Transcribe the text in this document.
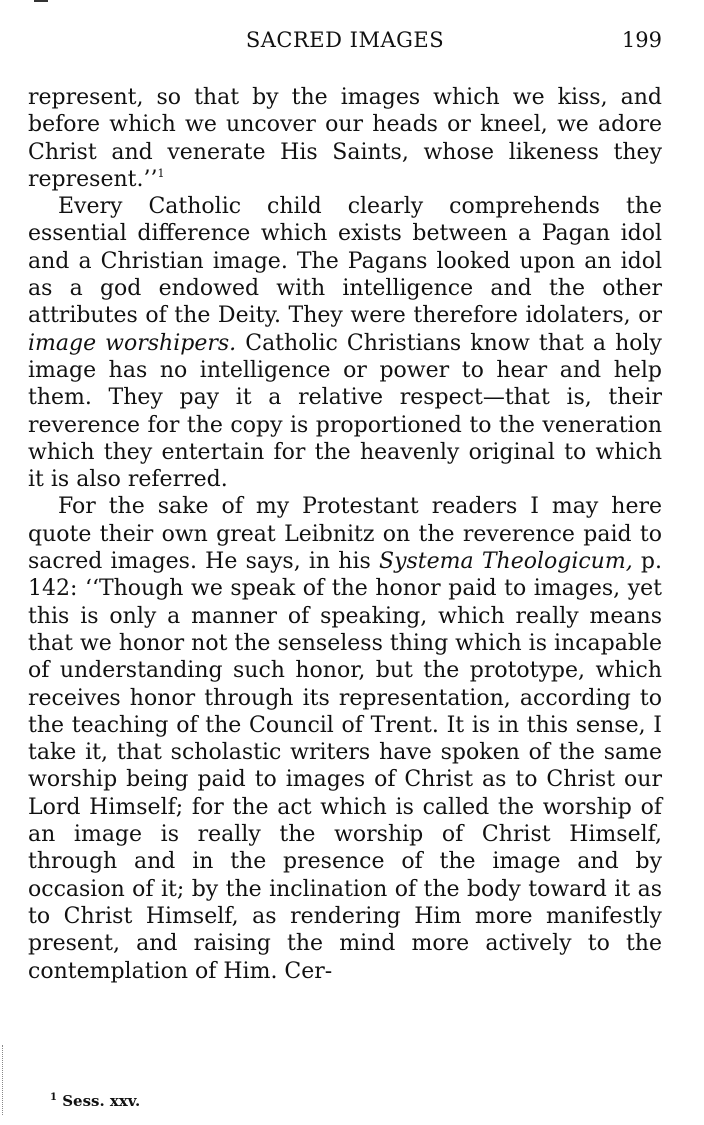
SACRED IMAGES	199

represent, so that by the images which we kiss, and before which we uncover our heads or kneel, we adore Christ and venerate His Saints, whose likeness they represent.’’$^1$

Every Catholic child clearly comprehends the essential difference which exists between a Pagan idol and a Christian image. The Pagans looked upon an idol as a god endowed with intelligence and the other attributes of the Deity. They were therefore idolaters, or image worshipers. Catholic Christians know that a holy image has no intelligence or power to hear and help them. They pay it a relative respect—that is, their reverence for the copy is proportioned to the veneration which they entertain for the heavenly original to which it is also referred.

For the sake of my Protestant readers I may here quote their own great Leibnitz on the reverence paid to sacred images. He says, in his Systema Theologicum, p. 142: ‘‘Though we speak of the honor paid to images, yet this is only a manner of speaking, which really means that we honor not the senseless thing which is incapable of understanding such honor, but the prototype, which receives honor through its representation, according to the teaching of the Council of Trent. It is in this sense, I take it, that scholastic writers have spoken of the same worship being paid to images of Christ as to Christ our Lord Himself; for the act which is called the worship of an image is really the worship of Christ Himself, through and in the presence of the image and by occasion of it; by the inclination of the body toward it as to Christ Himself, as rendering Him more manifestly present, and raising the mind more actively to the contemplation of Him. Cer-

$^1$ Sess. xxv.
